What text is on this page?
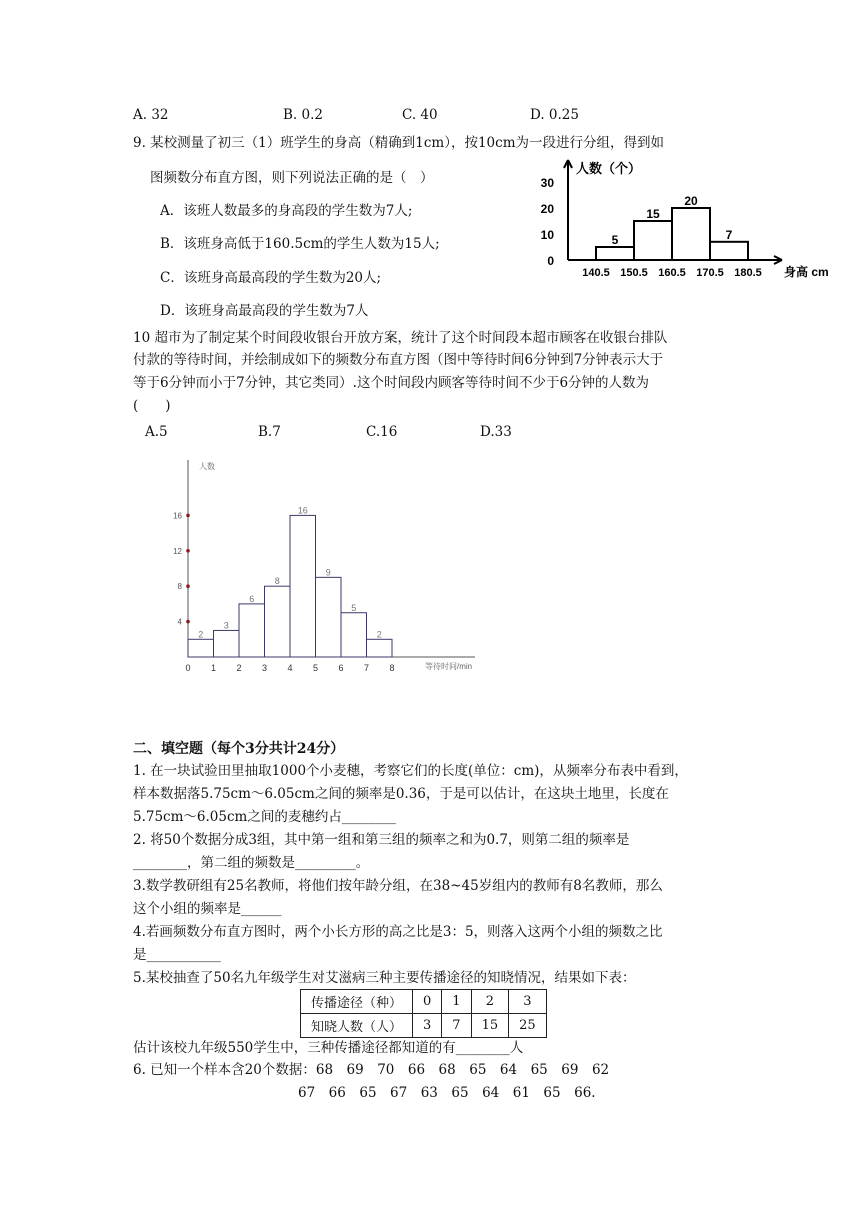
A. 32	B. 0.2	C. 40	D. 0.25
9. 某校测量了初三（1）班学生的身高（精确到1cm），按10cm为一段进行分组，得到如
图频数分布直方图，则下列说法正确的是（　）
A．该班人数最多的身高段的学生数为7人;
B．该班身高低于160.5cm的学生人数为15人;
C．该班身高最高段的学生数为20人;
D．该班身高最高段的学生数为7人
人数（个）
身高 cm
5
15
20
7
30
20
10
0
140.5 150.5 160.5 170.5 180.5
10 超市为了制定某个时间段收银台开放方案，统计了这个时间段本超市顾客在收银台排队
付款的等待时间，并绘制成如下的频数分布直方图（图中等待时间6分钟到7分钟表示大于
等于6分钟而小于7分钟，其它类同）.这个时间段内顾客等待时间不少于6分钟的人数为
(　　)
A.5	B.7	C.16	D.33
人数
等待时间/min
2
3
6
8
16
9
5
2
16
12
8
4
0 1 2 3 4 5 6 7 8
二、填空题（每个3分共计24分）
1. 在一块试验田里抽取1000个小麦穗，考察它们的长度(单位：cm)，从频率分布表中看到，
样本数据落5.75cm～6.05cm之间的频率是0.36，于是可以估计，在这块土地里，长度在
5.75cm～6.05cm之间的麦穗约占________
2. 将50个数据分成3组，其中第一组和第三组的频率之和为0.7，则第二组的频率是
________，第二组的频数是_________。
3.数学教研组有25名教师，将他们按年龄分组，在38~45岁组内的教师有8名教师，那么
这个小组的频率是______
4.若画频数分布直方图时，两个小长方形的高之比是3：5，则落入这两个小组的频数之比
是___________
5.某校抽查了50名九年级学生对艾滋病三种主要传播途径的知晓情况，结果如下表：
传播途径（种）	0	1	2	3
知晓人数（人）	3	7	15	25
估计该校九年级550学生中，三种传播途径都知道的有________人
6. 已知一个样本含20个数据：68　69　70　66　68　65　64　65　69　62
67　66　65　67　63　65　64　61　65　66.
